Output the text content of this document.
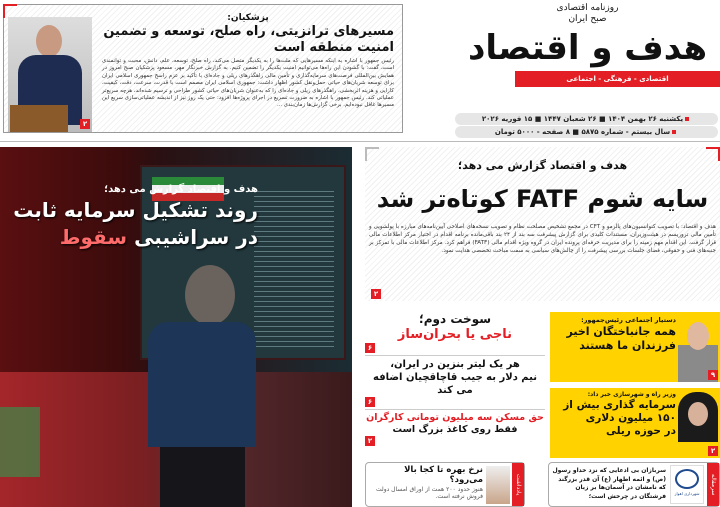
پزشکیان:
مسیرهای ترانزیتی، راه صلح، توسعه و تضمین امنیت منطقه است
رئیس جمهور با اشاره به اینکه مسیرهایی که ملت‌ها را به یکدیگر متصل می‌کند، راه صلح، توسعه، علم، دانش، محبت و توانمندی است، گفت: با گشودن این راه‌ها می‌توانیم امنیت یکدیگر را تضمین کنیم. به گزارش خبرنگار مهر، مسعود پزشکیان صبح امروز در همایش بین‌المللی فرصت‌های سرمایه‌گذاری و تأمین مالی راهگذرهای ریلی و جاده‌ای با تأکید بر عزم راسخ جمهوری اسلامی ایران برای توسعه شریان‌های حیاتی حمل‌ونقل کشور اظهار داشت: جمهوری اسلامی ایران مصمم است با قدرت، سرعت، دقت، کیفیت، کارایی و هزینه اثربخشی، راهگذرهای ریلی و جاده‌ای را که به‌عنوان شریان‌های حیاتی کشور طراحی و ترسیم شده‌اند، هرچه سریع‌تر عملیاتی کند. رئیس جمهور با اشاره به ضرورت تسریع در اجرای پروژه‌ها افزود: حتی یک روز نیز از اندیشه عملیاتی‌سازی سریع این مسیرها غافل نبوده‌ایم. برخی گزارش‌ها زمان‌بندی ...
۲
روزنامه اقتصادی
صبح ایران
هدف و اقتصاد
اقتصادی - فرهنگی - اجتماعی
یکشنبه ۲۶ بهمن ۱۴۰۴ ■ ۲۶ شعبان ۱۴۴۷ ■ ۱۵ فوریه ۲۰۲۶
سال بیستم - شماره ۵۸۷۵ ■ ۸ صفحه - ۵۰۰۰ تومان
هدف و اقتصاد گزارش می دهد؛
روند تشکیل سرمایه ثابت
در سراشیبی سقوط
هدف و اقتصاد گزارش می دهد؛
سایه شوم FATF کوتاه‌تر شد
هدف و اقتصاد: با تصویب کنوانسیون‌های پالرمو و CFT در مجمع تشخیص مصلحت نظام و تصویب نسخه‌های اصلاحی آیین‌نامه‌های مبارزه با پولشویی و تأمین مالی تروریسم در هیئت‌وزیران، مستندات کلیدی برای گزارش پیشرفت سه بند از ۲۴ بند باقی‌مانده برنامه اقدام در اختیار مرکز اطلاعات مالی قرار گرفت. این اقدام مهم زمینه را برای مدیریت حرفه‌ای پرونده ایران در گروه ویژه اقدام مالی (FATF) فراهم کرد. مرکز اطلاعات مالی با تمرکز بر جنبه‌های فنی و حقوقی، فضای جلسات بررسی پیشرفت را از چالش‌های سیاسی به سمت مباحث تخصصی هدایت نمود.
۲
سوخت دوم؛
ناجی یا بحران‌ساز
۶
هر یک لیتر بنزین در ایران،
نیم دلار به جیب قاچاقچیان اضافه می کند
۶
حق مسکن سه میلیون تومانی کارگران
فقط روی کاغذ بزرگ است
۲
دستیار اجتماعی رئیس‌جمهور:
همه جانباختگان اخیر
فرزندان ما هستند
۹
وزیر راه و شهرسازی خبر داد:
سرمایه گذاری بیش از
۱۵۰ میلیون دلاری
در حوزه ریلی
۲
یادداشت
نرخ بهره تا کجا بالا می‌رود؟
هنوز حدود ۲۰۰ همت از اوراق امسال دولت فروش نرفته است.
سرمقاله
شهرداری اهواز
سربازان بی ادعایی که نزد خداو رسول (ص) و ائمه اطهار (ع) آن قدر بزرگند که نامشان در آسمان‌ها بر زبان فرشتگان در چرخش است؛
